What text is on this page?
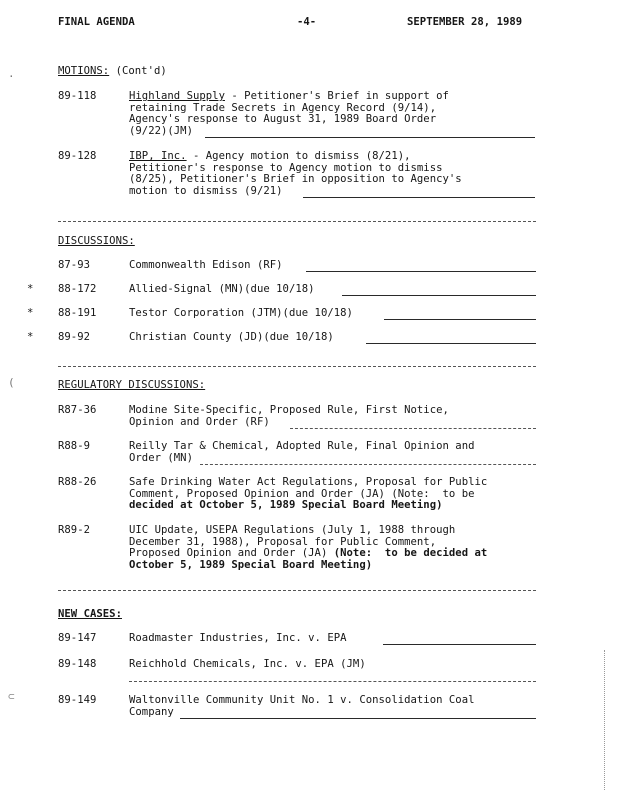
FINAL AGENDA	-4-	SEPTEMBER 28, 1989
·
(
⊂
MOTIONS: (Cont'd)
89-118	Highland Supply - Petitioner's Brief in support of
retaining Trade Secrets in Agency Record (9/14),
Agency's response to August 31, 1989 Board Order
(9/22)(JM)
89-128	IBP, Inc. - Agency motion to dismiss (8/21),
Petitioner's response to Agency motion to dismiss
(8/25), Petitioner's Brief in opposition to Agency's
motion to dismiss (9/21)
DISCUSSIONS:
87-93	Commonwealth Edison (RF)
* 88-172	Allied-Signal (MN)(due 10/18)
* 88-191	Testor Corporation (JTM)(due 10/18)
* 89-92	Christian County (JD)(due 10/18)
REGULATORY DISCUSSIONS:
R87-36	Modine Site-Specific, Proposed Rule, First Notice,
Opinion and Order (RF)
R88-9	Reilly Tar & Chemical, Adopted Rule, Final Opinion and
Order (MN)
R88-26	Safe Drinking Water Act Regulations, Proposal for Public
Comment, Proposed Opinion and Order (JA) (Note:  to be
decided at October 5, 1989 Special Board Meeting)
R89-2	UIC Update, USEPA Regulations (July 1, 1988 through
December 31, 1988), Proposal for Public Comment,
Proposed Opinion and Order (JA) (Note:  to be decided at
October 5, 1989 Special Board Meeting)
NEW CASES:
89-147	Roadmaster Industries, Inc. v. EPA
89-148	Reichhold Chemicals, Inc. v. EPA (JM)
89-149	Waltonville Community Unit No. 1 v. Consolidation Coal
Company
